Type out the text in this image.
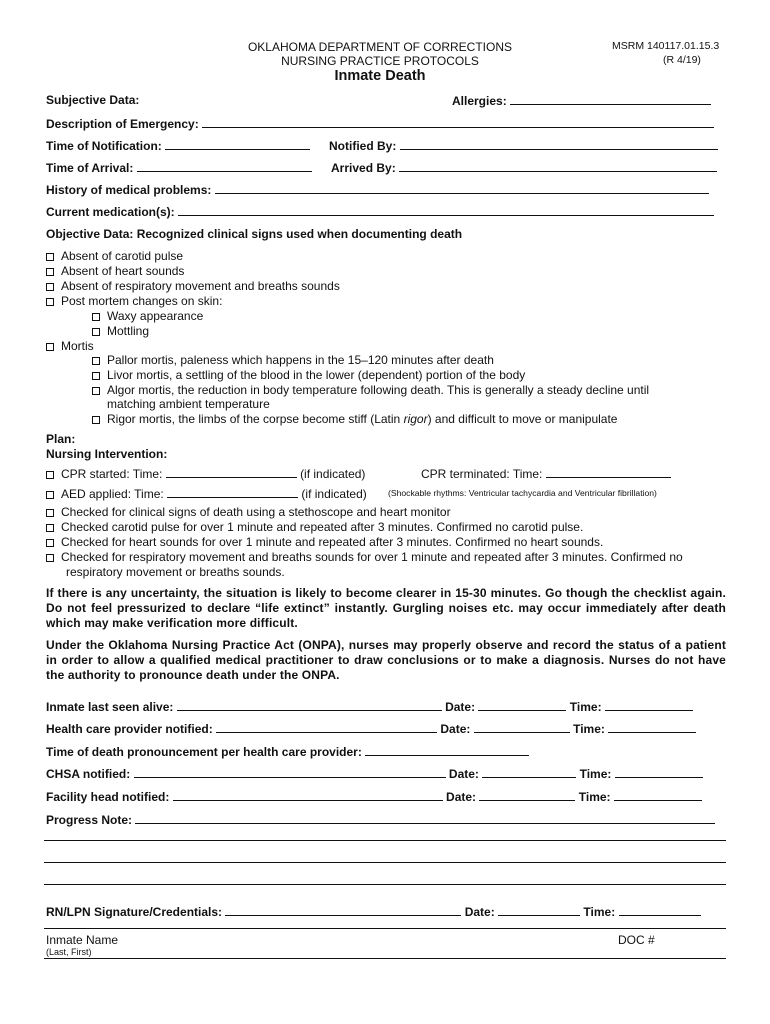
OKLAHOMA DEPARTMENT OF CORRECTIONS
NURSING PRACTICE PROTOCOLS
Inmate Death
MSRM 140117.01.15.3
(R 4/19)
Subjective Data:	Allergies:
Description of Emergency:
Time of Notification:	Notified By:
Time of Arrival:	Arrived By:
History of medical problems:
Current medication(s):
Objective Data: Recognized clinical signs used when documenting death
Absent of carotid pulse
Absent of heart sounds
Absent of respiratory movement and breaths sounds
Post mortem changes on skin:
Waxy appearance
Mottling
Mortis
Pallor mortis, paleness which happens in the 15–120 minutes after death
Livor mortis, a settling of the blood in the lower (dependent) portion of the body
Algor mortis, the reduction in body temperature following death. This is generally a steady decline until
matching ambient temperature
Rigor mortis, the limbs of the corpse become stiff (Latin rigor) and difficult to move or manipulate
Plan:
Nursing Intervention:
CPR started: Time:	(if indicated)	CPR terminated: Time:
AED applied: Time:	(if indicated) (Shockable rhythms: Ventricular tachycardia and Ventricular fibrillation)
Checked for clinical signs of death using a stethoscope and heart monitor
Checked carotid pulse for over 1 minute and repeated after 3 minutes. Confirmed no carotid pulse.
Checked for heart sounds for over 1 minute and repeated after 3 minutes. Confirmed no heart sounds.
Checked for respiratory movement and breaths sounds for over 1 minute and repeated after 3 minutes. Confirmed no
respiratory movement or breaths sounds.
If there is any uncertainty, the situation is likely to become clearer in 15-30 minutes. Go though the checklist again. Do not feel pressurized to declare “life extinct” instantly. Gurgling noises etc. may occur immediately after death which may make verification more difficult.
Under the Oklahoma Nursing Practice Act (ONPA), nurses may properly observe and record the status of a patient in order to allow a qualified medical practitioner to draw conclusions or to make a diagnosis. Nurses do not have the authority to pronounce death under the ONPA.
Inmate last seen alive:	Date:	Time:
Health care provider notified:	Date:	Time:
Time of death pronouncement per health care provider:
CHSA notified:	Date:	Time:
Facility head notified:	Date:	Time:
Progress Note:
RN/LPN Signature/Credentials:	Date:	Time:
Inmate Name
(Last, First)
DOC #
